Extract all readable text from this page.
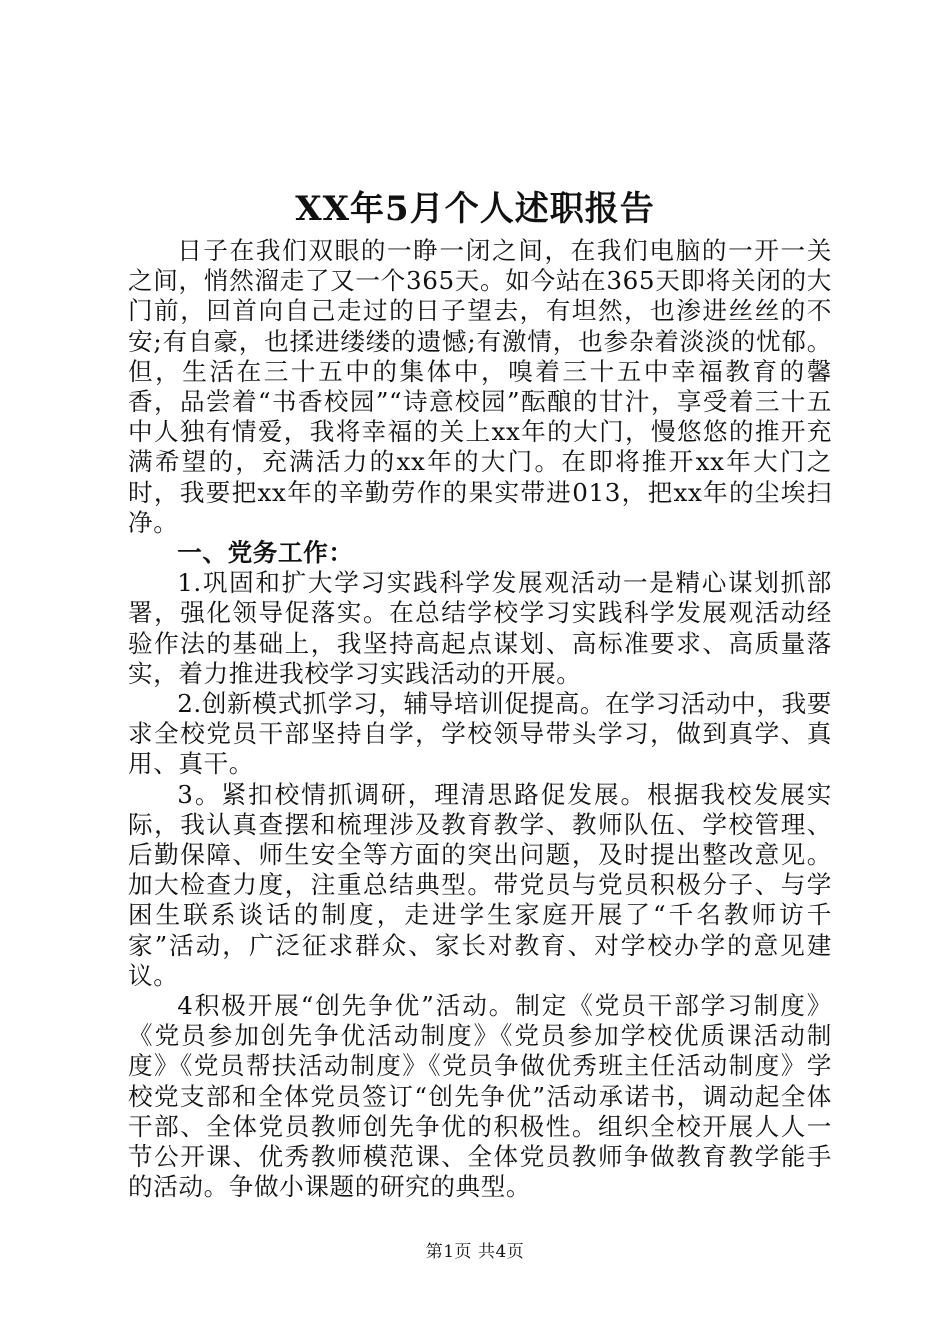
XX年5月个人述职报告

日子在我们双眼的一睁一闭之间，在我们电脑的一开一关之间，悄然溜走了又一个365天。如今站在365天即将关闭的大门前，回首向自己走过的日子望去，有坦然，也渗进丝丝的不安;有自豪，也揉进缕缕的遗憾;有激情，也参杂着淡淡的忧郁。但，生活在三十五中的集体中，嗅着三十五中幸福教育的馨香，品尝着“书香校园”“诗意校园”酝酿的甘汁，享受着三十五中人独有情爱，我将幸福的关上xx年的大门，慢悠悠的推开充满希望的，充满活力的xx年的大门。在即将推开xx年大门之时，我要把xx年的辛勤劳作的果实带进013，把xx年的尘埃扫净。

一、党务工作：

1.巩固和扩大学习实践科学发展观活动一是精心谋划抓部署，强化领导促落实。在总结学校学习实践科学发展观活动经验作法的基础上，我坚持高起点谋划、高标准要求、高质量落实，着力推进我校学习实践活动的开展。

2.创新模式抓学习，辅导培训促提高。在学习活动中，我要求全校党员干部坚持自学，学校领导带头学习，做到真学、真用、真干。

3。紧扣校情抓调研，理清思路促发展。根据我校发展实际，我认真查摆和梳理涉及教育教学、教师队伍、学校管理、后勤保障、师生安全等方面的突出问题，及时提出整改意见。加大检查力度，注重总结典型。带党员与党员积极分子、与学困生联系谈话的制度，走进学生家庭开展了“千名教师访千家”活动，广泛征求群众、家长对教育、对学校办学的意见建议。

4积极开展“创先争优”活动。制定《党员干部学习制度》《党员参加创先争优活动制度》《党员参加学校优质课活动制度》《党员帮扶活动制度》《党员争做优秀班主任活动制度》学校党支部和全体党员签订“创先争优”活动承诺书，调动起全体干部、全体党员教师创先争优的积极性。组织全校开展人人一节公开课、优秀教师模范课、全体党员教师争做教育教学能手的活动。争做小课题的研究的典型。

第1页 共4页
